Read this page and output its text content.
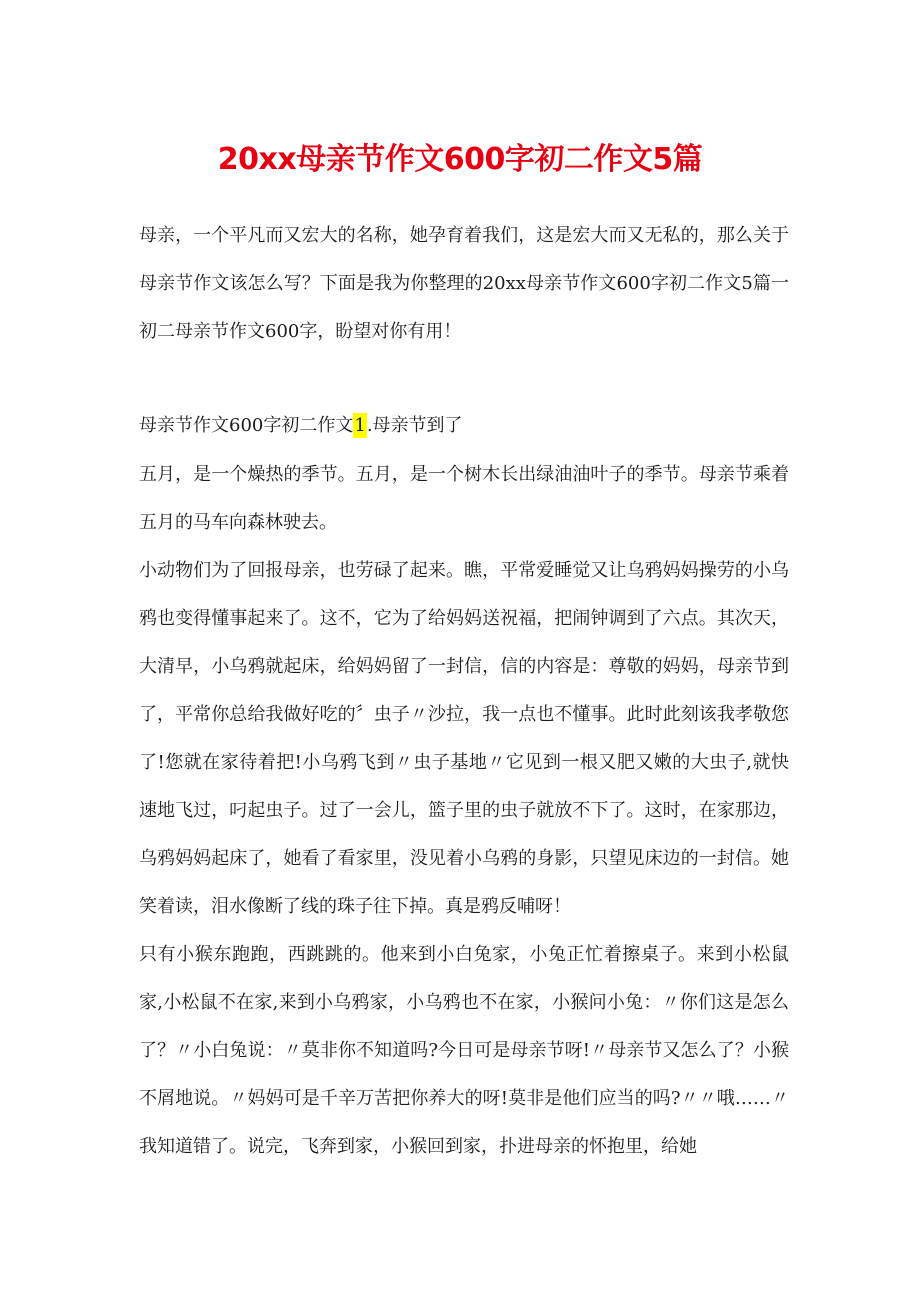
20xx母亲节作文600字初二作文5篇

母亲，一个平凡而又宏大的名称，她孕育着我们，这是宏大而又无私的，那么关于母亲节作文该怎么写？下面是我为你整理的20xx母亲节作文600字初二作文5篇一初二母亲节作文600字，盼望对你有用！

母亲节作文600字初二作文1.母亲节到了

五月，是一个燥热的季节。五月，是一个树木长出绿油油叶子的季节。母亲节乘着五月的马车向森林驶去。

小动物们为了回报母亲，也劳碌了起来。瞧，平常爱睡觉又让乌鸦妈妈操劳的小乌鸦也变得懂事起来了。这不，它为了给妈妈送祝福，把闹钟调到了六点。其次天，大清早，小乌鸦就起床，给妈妈留了一封信，信的内容是：尊敬的妈妈，母亲节到了，平常你总给我做好吃的〞虫子〃沙拉，我一点也不懂事。此时此刻该我孝敬您了!您就在家待着把!小乌鸦飞到〃虫子基地〃它见到一根又肥又嫩的大虫子,就快速地飞过，叼起虫子。过了一会儿，篮子里的虫子就放不下了。这时，在家那边，乌鸦妈妈起床了，她看了看家里，没见着小乌鸦的身影，只望见床边的一封信。她笑着读，泪水像断了线的珠子往下掉。真是鸦反哺呀！

只有小猴东跑跑，西跳跳的。他来到小白兔家，小兔正忙着擦桌子。来到小松鼠家,小松鼠不在家,来到小乌鸦家，小乌鸦也不在家，小猴问小兔：〃你们这是怎么了？〃小白兔说：〃莫非你不知道吗?今日可是母亲节呀!〃母亲节又怎么了？小猴不屑地说。〃妈妈可是千辛万苦把你养大的呀!莫非是他们应当的吗?〃〃哦……〃我知道错了。说完，飞奔到家，小猴回到家，扑进母亲的怀抱里，给她
